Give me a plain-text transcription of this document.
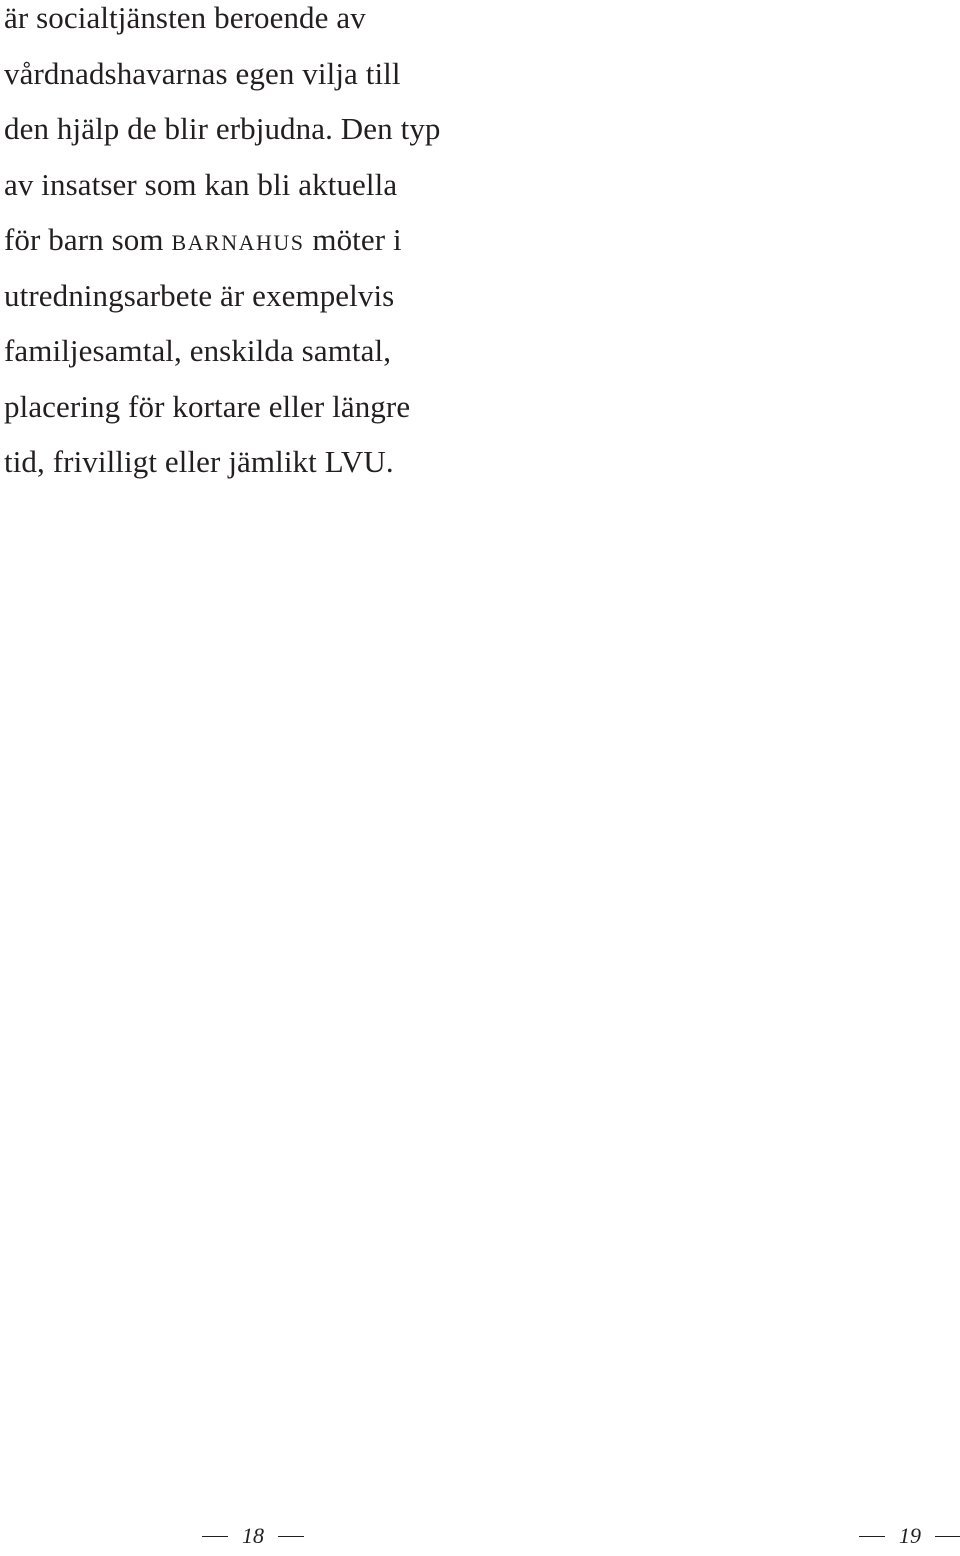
är socialtjänsten beroende av
vårdnadshavarnas egen vilja till
den hjälp de blir erbjudna. Den typ
av insatser som kan bli aktuella
för barn som barnahus möter i
utredningsarbete är exempelvis
familjesamtal, enskilda samtal,
placering för kortare eller längre
tid, frivilligt eller jämlikt LVU.
18	19
